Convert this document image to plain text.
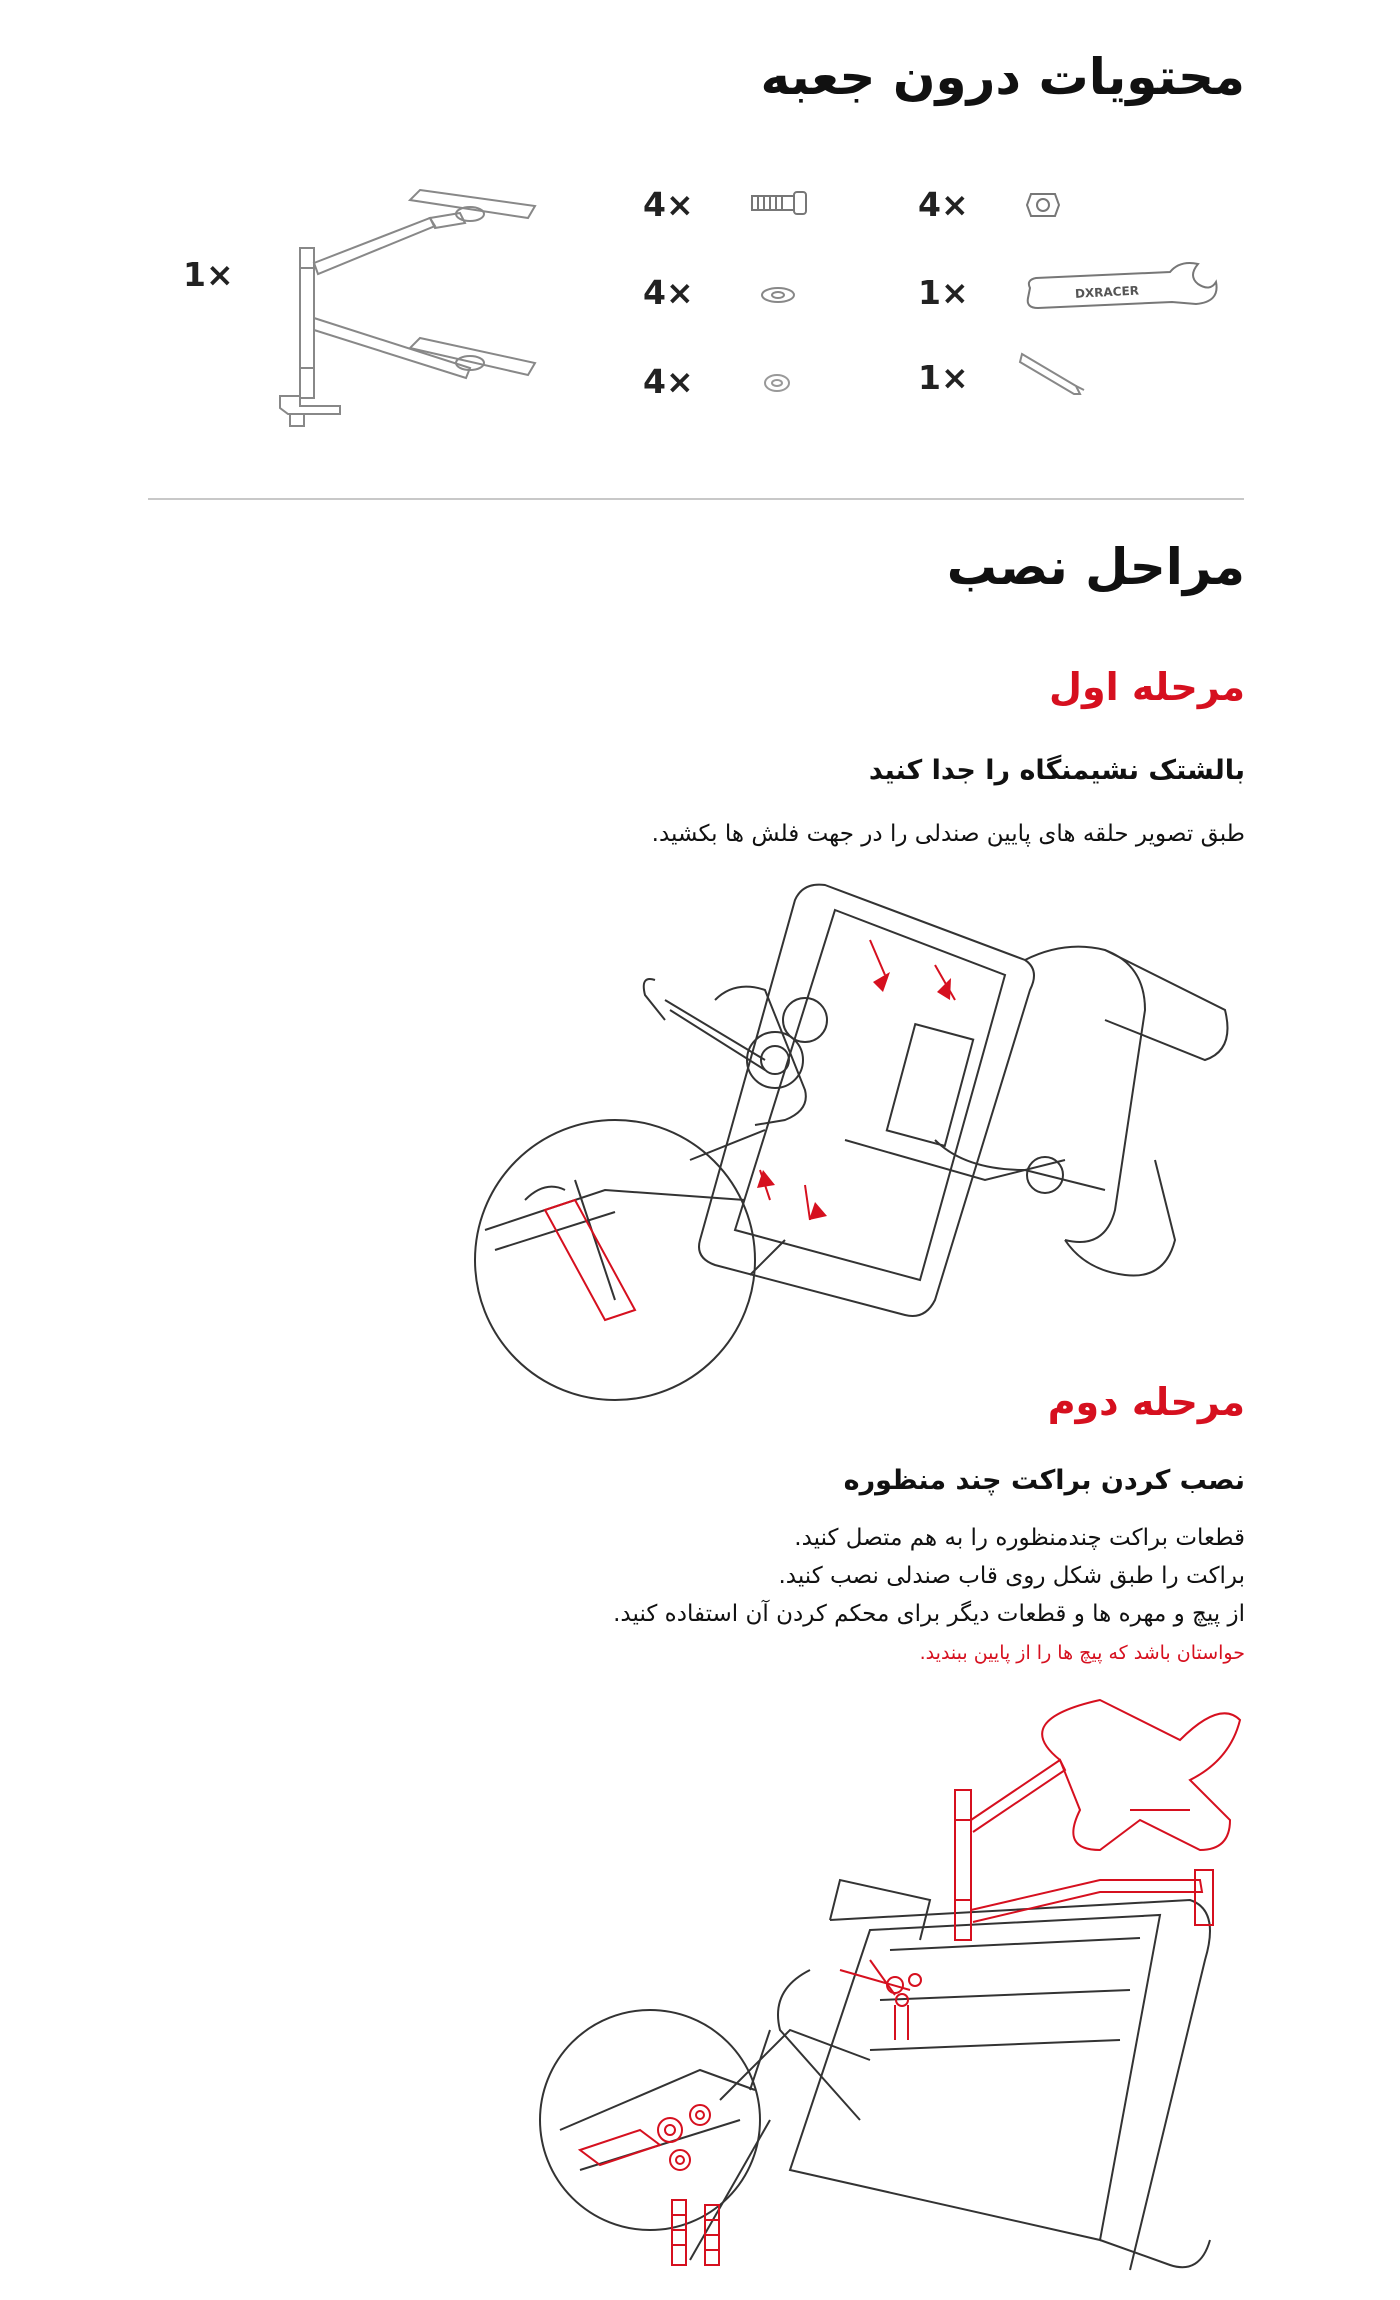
محتویات درون جعبه
1×
4×	4×
4×	1×	DXRACER
4×	1×
مراحل نصب
مرحله اول
بالشتک نشیمنگاه را جدا کنید
طبق تصویر حلقه های پایین صندلی را در جهت فلش ها بکشید.
مرحله دوم
نصب کردن براکت چند منظوره
قطعات براکت چندمنظوره را به هم متصل کنید.
براکت را طبق شکل روی قاب صندلی نصب کنید.
از پیچ و مهره ها و قطعات دیگر برای محکم کردن آن استفاده کنید.
حواستان باشد که پیچ ها را از پایین ببندید.
